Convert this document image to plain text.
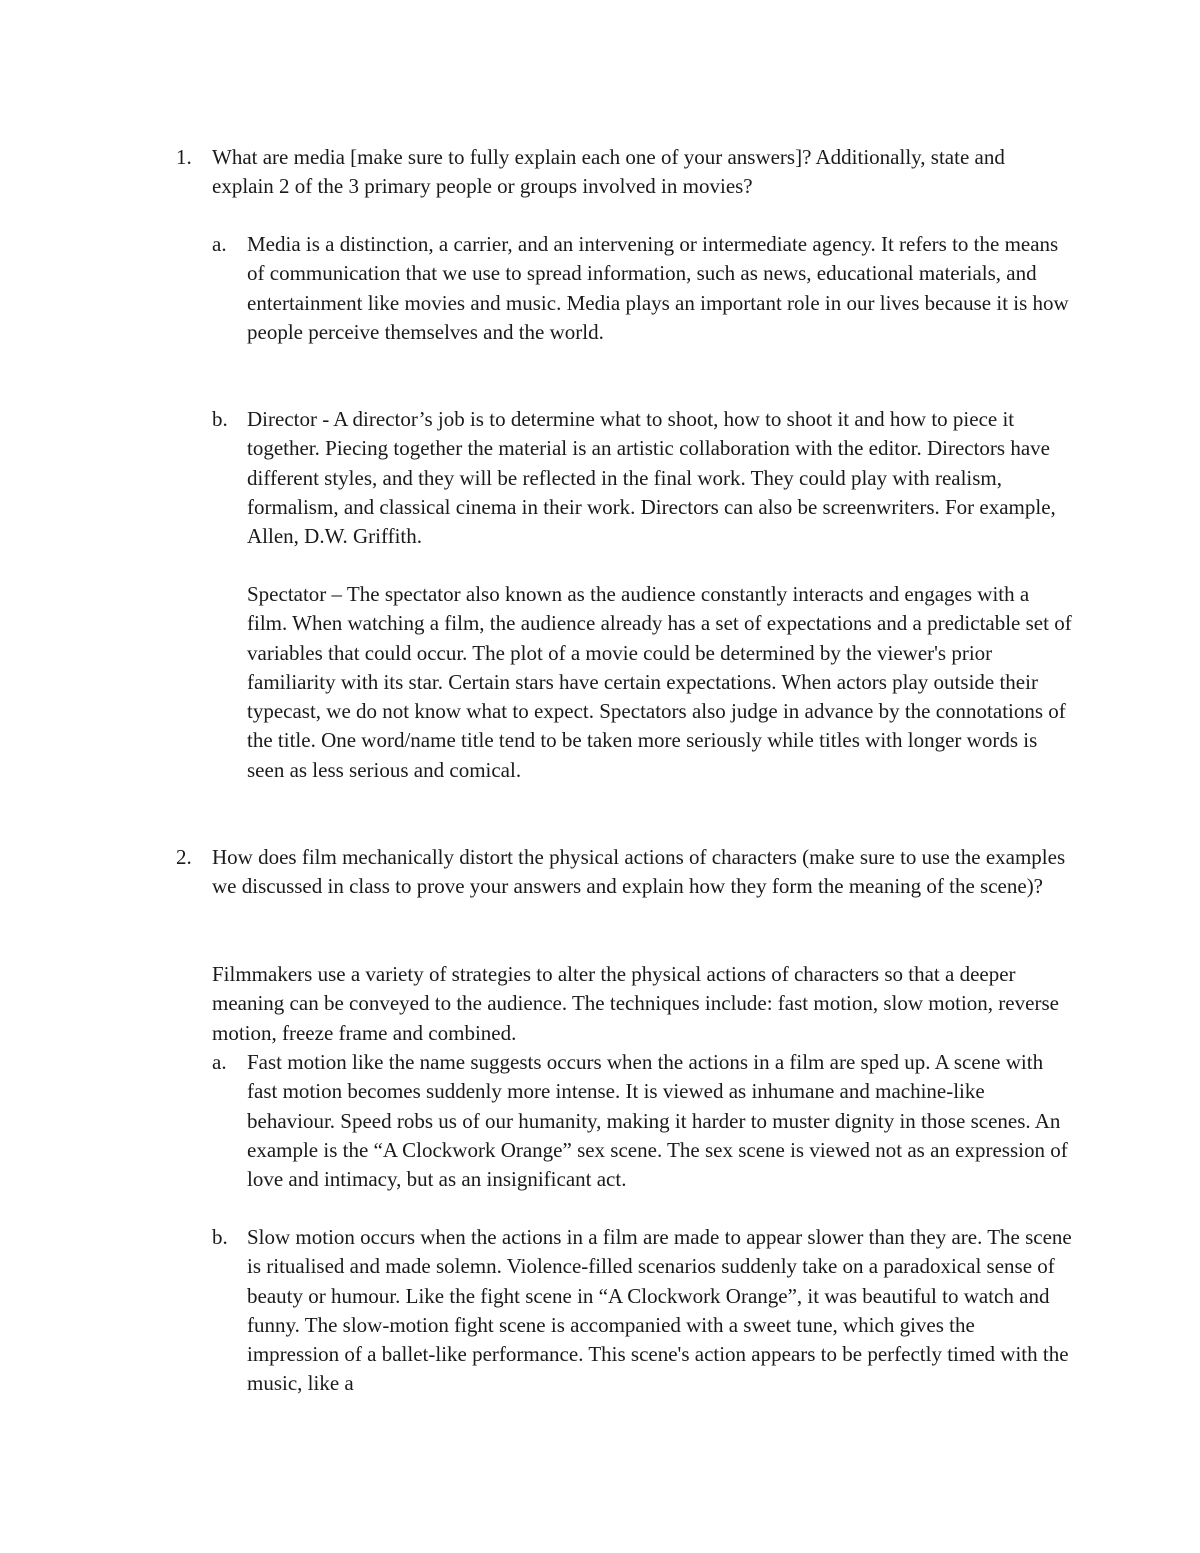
1. What are media [make sure to fully explain each one of your answers]? Additionally, state and explain 2 of the 3 primary people or groups involved in movies?
a. Media is a distinction, a carrier, and an intervening or intermediate agency. It refers to the means of communication that we use to spread information, such as news, educational materials, and entertainment like movies and music. Media plays an important role in our lives because it is how people perceive themselves and the world.
b. Director - A director’s job is to determine what to shoot, how to shoot it and how to piece it together. Piecing together the material is an artistic collaboration with the editor. Directors have different styles, and they will be reflected in the final work. They could play with realism, formalism, and classical cinema in their work. Directors can also be screenwriters. For example, Allen, D.W. Griffith.
Spectator – The spectator also known as the audience constantly interacts and engages with a film. When watching a film, the audience already has a set of expectations and a predictable set of variables that could occur. The plot of a movie could be determined by the viewer's prior familiarity with its star. Certain stars have certain expectations. When actors play outside their typecast, we do not know what to expect. Spectators also judge in advance by the connotations of the title. One word/name title tend to be taken more seriously while titles with longer words is seen as less serious and comical.
2. How does film mechanically distort the physical actions of characters (make sure to use the examples we discussed in class to prove your answers and explain how they form the meaning of the scene)?
Filmmakers use a variety of strategies to alter the physical actions of characters so that a deeper meaning can be conveyed to the audience. The techniques include: fast motion, slow motion, reverse motion, freeze frame and combined.
a. Fast motion like the name suggests occurs when the actions in a film are sped up. A scene with fast motion becomes suddenly more intense. It is viewed as inhumane and machine-like behaviour. Speed robs us of our humanity, making it harder to muster dignity in those scenes. An example is the “A Clockwork Orange” sex scene. The sex scene is viewed not as an expression of love and intimacy, but as an insignificant act.
b. Slow motion occurs when the actions in a film are made to appear slower than they are. The scene is ritualised and made solemn. Violence-filled scenarios suddenly take on a paradoxical sense of beauty or humour. Like the fight scene in “A Clockwork Orange”, it was beautiful to watch and funny. The slow-motion fight scene is accompanied with a sweet tune, which gives the impression of a ballet-like performance. This scene's action appears to be perfectly timed with the music, like a
